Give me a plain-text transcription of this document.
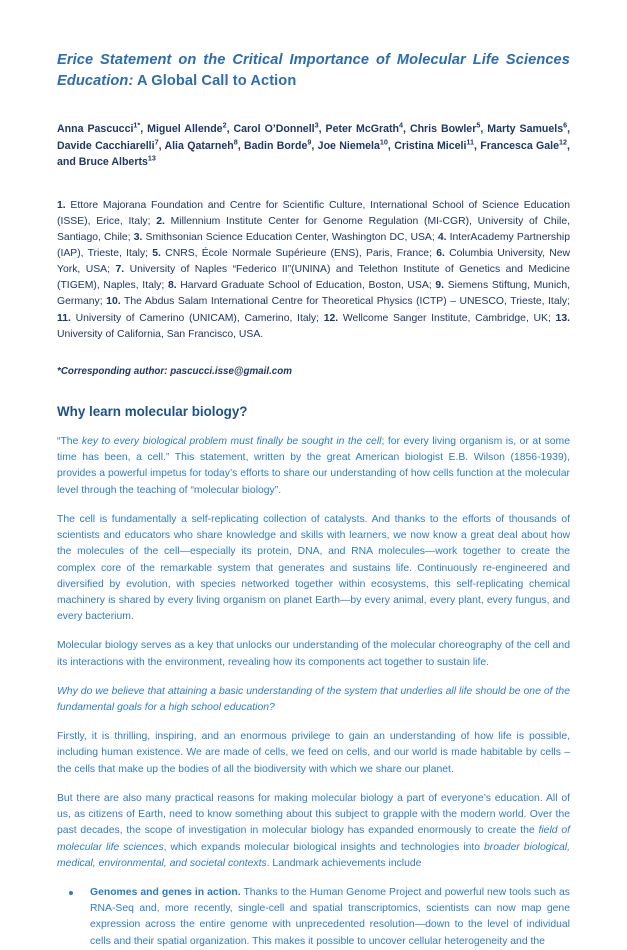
Erice Statement on the Critical Importance of Molecular Life Sciences Education: A Global Call to Action
Anna Pascucci$^{1*}$, Miguel Allende$^2$, Carol O’Donnell$^3$, Peter McGrath$^4$, Chris Bowler$^5$, Marty Samuels$^6$, Davide Cacchiarelli$^7$, Alia Qatarneh$^8$, Badin Borde$^9$, Joe Niemela$^{10}$, Cristina Miceli$^{11}$, Francesca Gale$^{12}$, and Bruce Alberts$^{13}$
1. Ettore Majorana Foundation and Centre for Scientific Culture, International School of Science Education (ISSE), Erice, Italy; 2. Millennium Institute Center for Genome Regulation (MI-CGR), University of Chile, Santiago, Chile; 3. Smithsonian Science Education Center, Washington DC, USA; 4. InterAcademy Partnership (IAP), Trieste, Italy; 5. CNRS, École Normale Supérieure (ENS), Paris, France; 6. Columbia University, New York, USA; 7. University of Naples “Federico II”(UNINA) and Telethon Institute of Genetics and Medicine (TIGEM), Naples, Italy; 8. Harvard Graduate School of Education, Boston, USA; 9. Siemens Stiftung, Munich, Germany; 10. The Abdus Salam International Centre for Theoretical Physics (ICTP) – UNESCO, Trieste, Italy; 11. University of Camerino (UNICAM), Camerino, Italy; 12. Wellcome Sanger Institute, Cambridge, UK; 13. University of California, San Francisco, USA.
*Corresponding author: pascucci.isse@gmail.com
Why learn molecular biology?

“The key to every biological problem must finally be sought in the cell; for every living organism is, or at some time has been, a cell.” This statement, written by the great American biologist E.B. Wilson (1856-1939), provides a powerful impetus for today’s efforts to share our understanding of how cells function at the molecular level through the teaching of “molecular biology”.

The cell is fundamentally a self-replicating collection of catalysts. And thanks to the efforts of thousands of scientists and educators who share knowledge and skills with learners, we now know a great deal about how the molecules of the cell—especially its protein, DNA, and RNA molecules—work together to create the complex core of the remarkable system that generates and sustains life. Continuously re-engineered and diversified by evolution, with species networked together within ecosystems, this self-replicating chemical machinery is shared by every living organism on planet Earth—by every animal, every plant, every fungus, and every bacterium.

Molecular biology serves as a key that unlocks our understanding of the molecular choreography of the cell and its interactions with the environment, revealing how its components act together to sustain life.

Why do we believe that attaining a basic understanding of the system that underlies all life should be one of the fundamental goals for a high school education?

Firstly, it is thrilling, inspiring, and an enormous privilege to gain an understanding of how life is possible, including human existence. We are made of cells, we feed on cells, and our world is made habitable by cells – the cells that make up the bodies of all the biodiversity with which we share our planet.

But there are also many practical reasons for making molecular biology a part of everyone’s education. All of us, as citizens of Earth, need to know something about this subject to grapple with the modern world. Over the past decades, the scope of investigation in molecular biology has expanded enormously to create the field of molecular life sciences, which expands molecular biological insights and technologies into broader biological, medical, environmental, and societal contexts. Landmark achievements include

Genomes and genes in action. Thanks to the Human Genome Project and powerful new tools such as RNA-Seq and, more recently, single-cell and spatial transcriptomics, scientists can now map gene expression across the entire genome with unprecedented resolution—down to the level of individual cells and their spatial organization. This makes it possible to uncover cellular heterogeneity and the
